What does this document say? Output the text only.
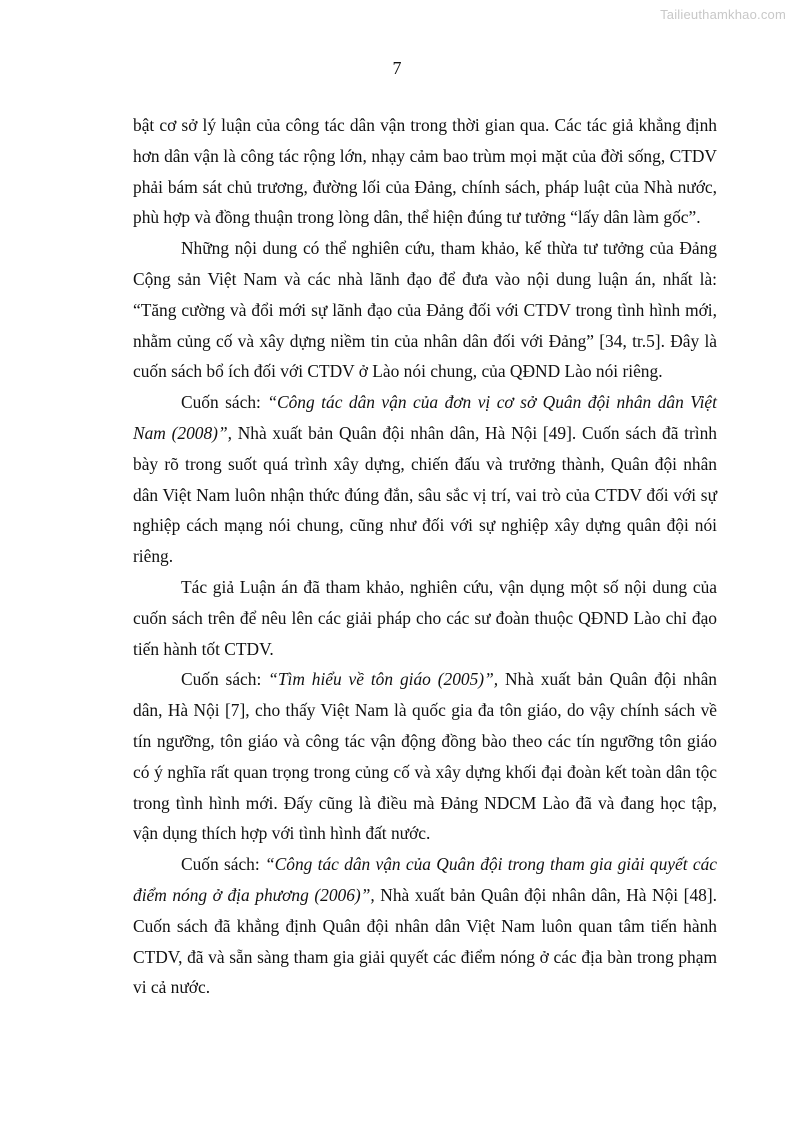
Tailieuthamkhao.com
7

bật cơ sở lý luận của công tác dân vận trong thời gian qua. Các tác giả khẳng định hơn dân vận là công tác rộng lớn, nhạy cảm bao trùm mọi mặt của đời sống, CTDV phải bám sát chủ trương, đường lối của Đảng, chính sách, pháp luật của Nhà nước, phù hợp và đồng thuận trong lòng dân, thể hiện đúng tư tưởng “lấy dân làm gốc”.

Những nội dung có thể nghiên cứu, tham khảo, kế thừa tư tưởng của Đảng Cộng sản Việt Nam và các nhà lãnh đạo để đưa vào nội dung luận án, nhất là: “Tăng cường và đổi mới sự lãnh đạo của Đảng đối với CTDV trong tình hình mới, nhằm củng cố và xây dựng niềm tin của nhân dân đối với Đảng” [34, tr.5]. Đây là cuốn sách bổ ích đối với CTDV ở Lào nói chung, của QĐND Lào nói riêng.

Cuốn sách: “Công tác dân vận của đơn vị cơ sở Quân đội nhân dân Việt Nam (2008)”, Nhà xuất bản Quân đội nhân dân, Hà Nội [49]. Cuốn sách đã trình bày rõ trong suốt quá trình xây dựng, chiến đấu và trưởng thành, Quân đội nhân dân Việt Nam luôn nhận thức đúng đắn, sâu sắc vị trí, vai trò của CTDV đối với sự nghiệp cách mạng nói chung, cũng như đối với sự nghiệp xây dựng quân đội nói riêng.

Tác giả Luận án đã tham khảo, nghiên cứu, vận dụng một số nội dung của cuốn sách trên để nêu lên các giải pháp cho các sư đoàn thuộc QĐND Lào chỉ đạo tiến hành tốt CTDV.

Cuốn sách: “Tìm hiểu về tôn giáo (2005)”, Nhà xuất bản Quân đội nhân dân, Hà Nội [7], cho thấy Việt Nam là quốc gia đa tôn giáo, do vậy chính sách về tín ngưỡng, tôn giáo và công tác vận động đồng bào theo các tín ngưỡng tôn giáo có ý nghĩa rất quan trọng trong củng cố và xây dựng khối đại đoàn kết toàn dân tộc trong tình hình mới. Đấy cũng là điều mà Đảng NDCM Lào đã và đang học tập, vận dụng thích hợp với tình hình đất nước.

Cuốn sách: “Công tác dân vận của Quân đội trong tham gia giải quyết các điểm nóng ở địa phương (2006)”, Nhà xuất bản Quân đội nhân dân, Hà Nội [48]. Cuốn sách đã khẳng định Quân đội nhân dân Việt Nam luôn quan tâm tiến hành CTDV, đã và sẵn sàng tham gia giải quyết các điểm nóng ở các địa bàn trong phạm vi cả nước.
